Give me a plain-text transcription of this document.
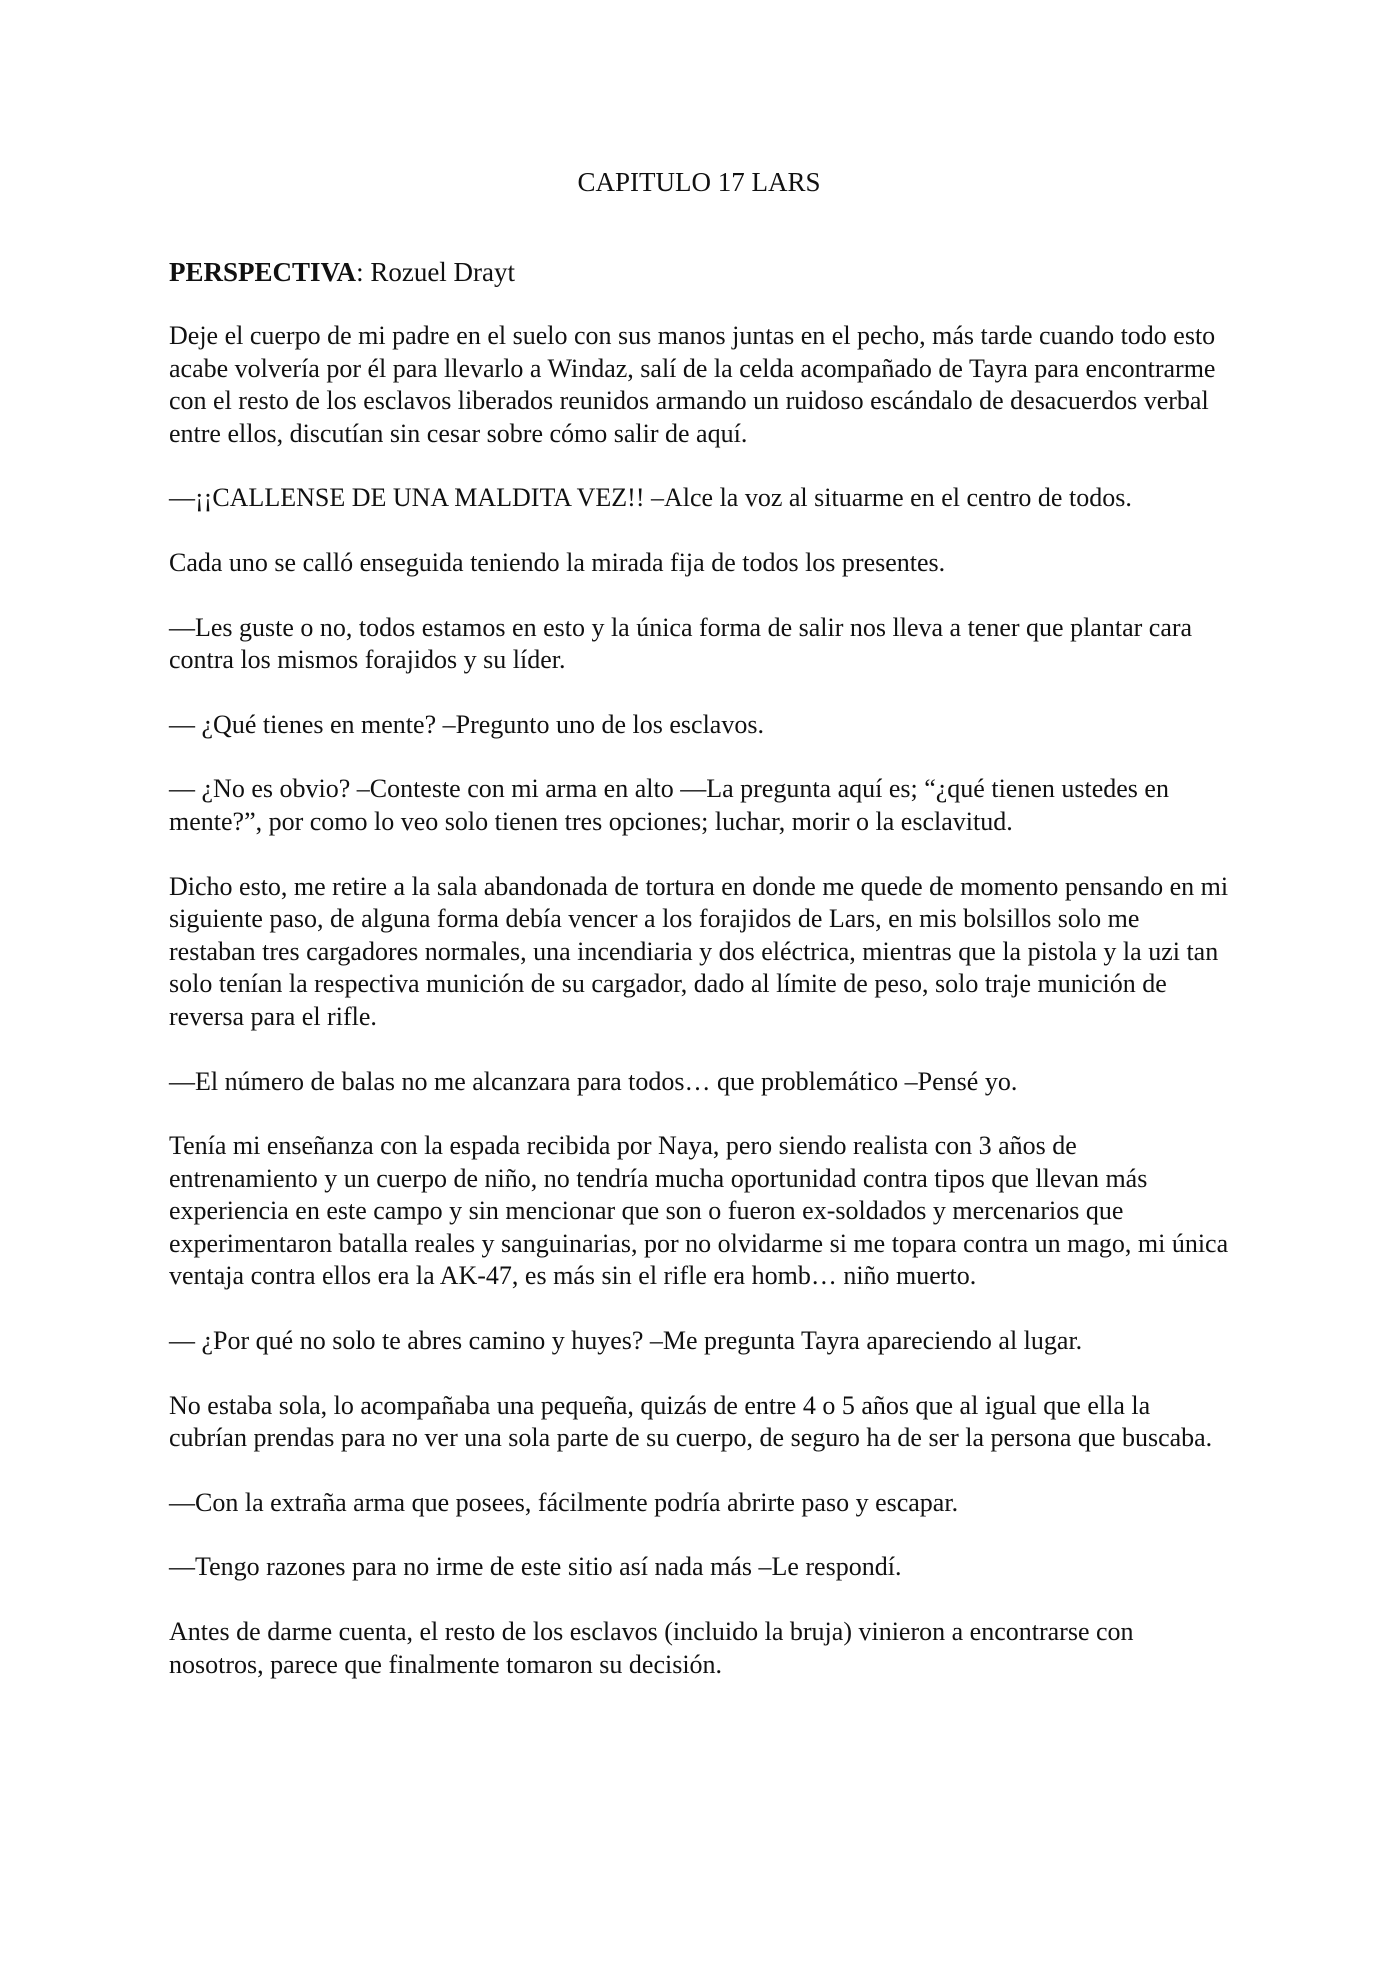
CAPITULO 17 LARS
PERSPECTIVA: Rozuel Drayt

Deje el cuerpo de mi padre en el suelo con sus manos juntas en el pecho, más tarde cuando todo esto acabe volvería por él para llevarlo a Windaz, salí de la celda acompañado de Tayra para encontrarme con el resto de los esclavos liberados reunidos armando un ruidoso escándalo de desacuerdos verbal entre ellos, discutían sin cesar sobre cómo salir de aquí.

—¡¡CALLENSE DE UNA MALDITA VEZ!! –Alce la voz al situarme en el centro de todos.

Cada uno se calló enseguida teniendo la mirada fija de todos los presentes.

—Les guste o no, todos estamos en esto y la única forma de salir nos lleva a tener que plantar cara contra los mismos forajidos y su líder.

— ¿Qué tienes en mente? –Pregunto uno de los esclavos.

— ¿No es obvio? –Conteste con mi arma en alto —La pregunta aquí es; “¿qué tienen ustedes en mente?”, por como lo veo solo tienen tres opciones; luchar, morir o la esclavitud.

Dicho esto, me retire a la sala abandonada de tortura en donde me quede de momento pensando en mi siguiente paso, de alguna forma debía vencer a los forajidos de Lars, en mis bolsillos solo me restaban tres cargadores normales, una incendiaria y dos eléctrica, mientras que la pistola y la uzi tan solo tenían la respectiva munición de su cargador, dado al límite de peso, solo traje munición de reversa para el rifle.

—El número de balas no me alcanzara para todos… que problemático –Pensé yo.

Tenía mi enseñanza con la espada recibida por Naya, pero siendo realista con 3 años de entrenamiento y un cuerpo de niño, no tendría mucha oportunidad contra tipos que llevan más experiencia en este campo y sin mencionar que son o fueron ex-soldados y mercenarios que experimentaron batalla reales y sanguinarias, por no olvidarme si me topara contra un mago, mi única ventaja contra ellos era la AK-47, es más sin el rifle era homb… niño muerto.

— ¿Por qué no solo te abres camino y huyes? –Me pregunta Tayra apareciendo al lugar.

No estaba sola, lo acompañaba una pequeña, quizás de entre 4 o 5 años que al igual que ella la cubrían prendas para no ver una sola parte de su cuerpo, de seguro ha de ser la persona que buscaba.

—Con la extraña arma que posees, fácilmente podría abrirte paso y escapar.

—Tengo razones para no irme de este sitio así nada más –Le respondí.

Antes de darme cuenta, el resto de los esclavos (incluido la bruja) vinieron a encontrarse con nosotros, parece que finalmente tomaron su decisión.
